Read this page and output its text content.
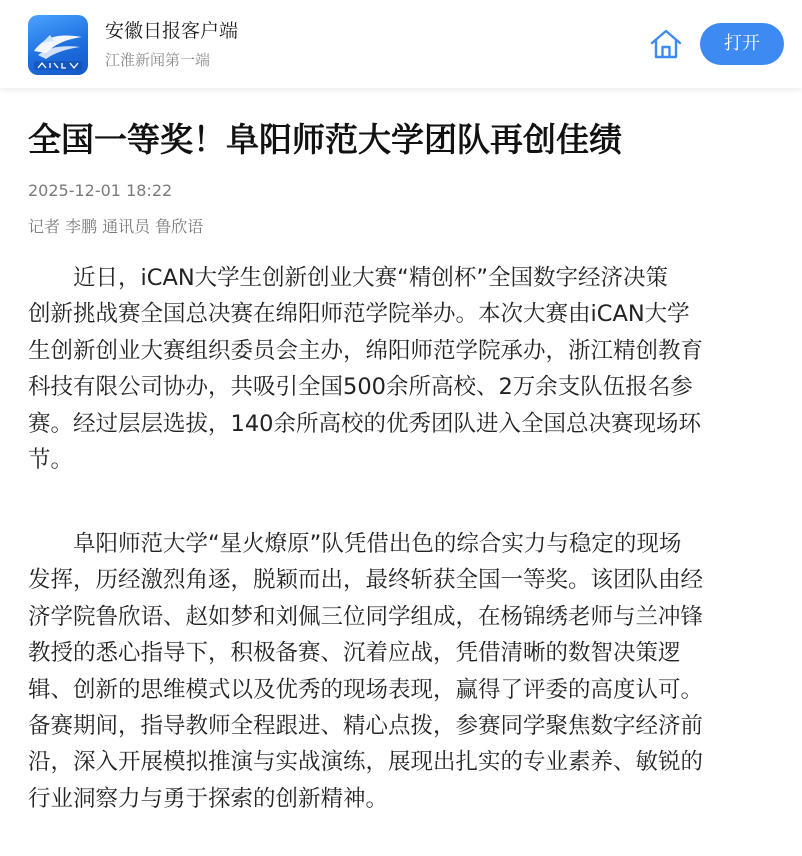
安徽日报客户端
江淮新闻第一端
打开
全国一等奖！阜阳师范大学团队再创佳绩
2025-12-01 18:22
记者 李鹏 通讯员 鲁欣语

　　近日，iCAN大学生创新创业大赛“精创杯”全国数字经济决策
创新挑战赛全国总决赛在绵阳师范学院举办。本次大赛由iCAN大学
生创新创业大赛组织委员会主办，绵阳师范学院承办，浙江精创教育
科技有限公司协办，共吸引全国500余所高校、2万余支队伍报名参
赛。经过层层选拔，140余所高校的优秀团队进入全国总决赛现场环
节。

　　阜阳师范大学“星火燎原”队凭借出色的综合实力与稳定的现场
发挥，历经激烈角逐，脱颖而出，最终斩获全国一等奖。该团队由经
济学院鲁欣语、赵如梦和刘佩三位同学组成，在杨锦绣老师与兰冲锋
教授的悉心指导下，积极备赛、沉着应战，凭借清晰的数智决策逻
辑、创新的思维模式以及优秀的现场表现，赢得了评委的高度认可。
备赛期间，指导教师全程跟进、精心点拨，参赛同学聚焦数字经济前
沿，深入开展模拟推演与实战演练，展现出扎实的专业素养、敏锐的
行业洞察力与勇于探索的创新精神。
